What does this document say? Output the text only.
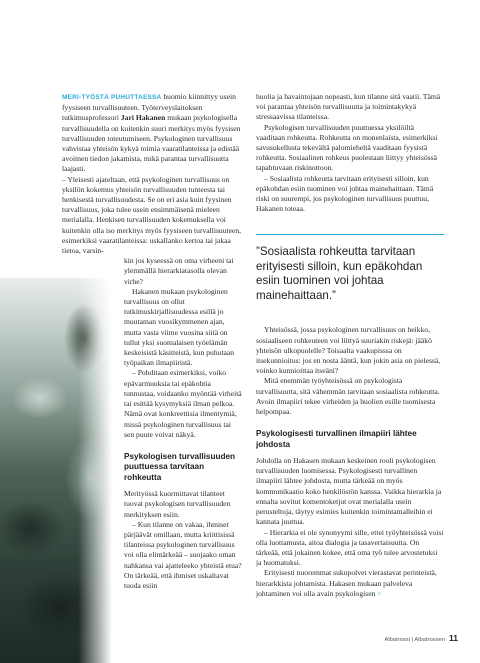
MERI-TYÖSTÄ PUHUTTAESSA huomio kiinnittyy usein fyysiseen turvallisuuteen. Työterveyslaitoksen tutkimusprofessori Jari Hakanen mukaan psykologisella turvallisuudella on kuitenkin suuri merkitys myös fyysisen turvallisuuden toteutumiseen. Psykologinen turvallisuus vahvistaa yhteisön kykyä toimia vaaratilanteissa ja edistää avoimen tiedon jakamista, mikä parantaa turvallisuutta laajasti.

– Yleisesti ajateltaan, että psykologinen turvallisuus on yksilön kokemus yhteisön turvallisuuden tunteesta tai henkisestä turvallisuudesta. Se on eri asia kuin fyysinen turvallisuus, joka tulee usein ensimmäisenä mieleen merialalla. Henkisen turvallisuuden kokemuksella voi kuitenkin olla iso merkitys myös fyysiseen turvallisuuteen, esimerkiksi vaaratilanteissa: uskallanko kertoa tai jakaa tietoa, varsin-

kin jos kyseessä on oma virheeni tai ylemmällä hierarkiatasolla olevan virhe?

Hakanen mukaan psykologinen turvallisuus on ollut tutkimuskirjallisuudessa esillä jo muutaman vuosikymmenen ajan, mutta vasta viime vuosina siitä on tullut yksi suomalaisen työelämän keskeisistä käsitteistä, kun puhutaan työpaikan ilmapiiristä.

– Pohditaan esimerkiksi, voiko epävarmuuksia tai epäkohtia tunnustaa, voidaanko myöntää virheitä tai esittää kysymyksiä ilman pelkoa. Nämä ovat konkreettisia ilmentymiä, missä psykologinen turvallisuus tai sen puute voivat näkyä.

Psykologisen turvallisuuden puuttuessa tarvitaan rohkeutta

Merityössä kuormittavat tilanteet tuovat psykologisen turvallisuuden merkityksen esiin.

– Kun tilanne on vakaa, ihmiset pärjäävät omillaan, mutta kriittisissä tilanteissa psykologinen turvallisuus voi olla elintärkeää – suojaako oman nahkansa vai ajatteleeko yhteistä etua? On tärkeää, että ihmiset uskaltavat tuoda esiin

huolia ja havaintojaan nopeasti, kun tilanne sitä vaatii. Tämä voi parantaa yhteisön turvallisuutta ja toimintakykyä stressaavissa tilanteissa.

Psykologisen turvallisuuden puuttuessa yksilöiltä vaaditaan rohkeutta. Rohkeutta on monenlaista, esimerkiksi savusukellusta tekevältä palomieheltä vaaditaan fyysistä rohkeutta. Sosiaalinen rohkeus puolestaan liittyy yhteisössä tapahtuvaan riskinottoon.

– Sosiaalista rohkeutta tarvitaan erityisesti silloin, kun epäkohdan esiin tuominen voi johtaa mainehaittaan. Tämä riski on suurempi, jos psykologinen turvallisuus puuttuu, Hakanen toteaa.

”Sosiaalista rohkeutta tarvitaan erityisesti silloin, kun epäkohdan esiin tuominen voi johtaa mainehaittaan.”

Yhteisössä, jossa psykologinen turvallisuus on heikko, sosiaaliseen rohkeuteen voi liittyä suuriakin riskejä: jääkö yhteisön ulkopuolelle? Toisaalta vaakupisssa on itsekunnioitus: jos en nosta ääntä, kun jokin asia on pielessä, voinko kunnioittaa itseäni?

Mitä enemmän työyhteisössä on psykologista turvallisuutta, sitä vähemmän tarvitaan sosiaalista rohkeutta. Avoin ilmapiiri tekee virheiden ja huolien esille tuomisesta helpompaa.

Psykologisesti turvallinen ilmapiiri lähtee johdosta

Johdolla on Hakasen mukaan keskeinen rooli psykologisen turvallisuuden luomisessa. Psykologisesti turvallinen ilmapiiri lähtee johdosta, mutta tärkeää on myös kommunikaatio koko henkilöstön kanssa. Vaikka hierarkia ja ennalta sovitut komentoketjut ovat merialalla usein perusteltuja, täytyy esimies kuitenkin toimintamalleihin ei kannata juuttua.

– Hierarkia ei ole synonyymi sille, ettei työyhteisössä voisi olla luottamusta, aitoa dialogia ja tasavertaisuutta. On tärkeää, että jokainen kokee, että oma työ tulee arvostetuksi ja huomatuksi.

Erityisesti nuoremmat sukupolvet vierastavat perinteistä, hierarkkista johtamista. Hakasen mukaan palveleva johtaminen voi olla avain psykologisen >

Albatrossi | Albatrossen 11
